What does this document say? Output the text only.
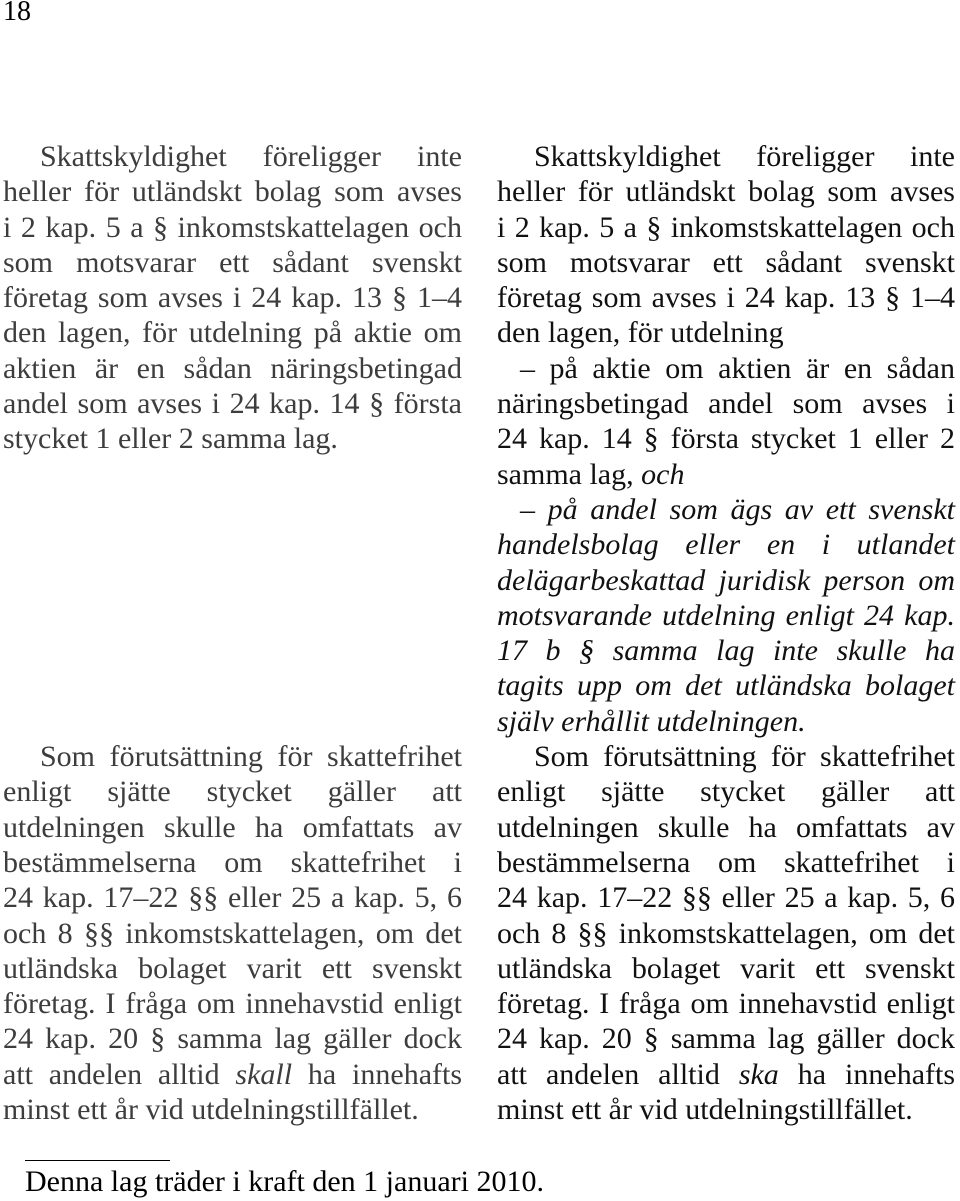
18
Skattskyldighet föreligger inte
heller för utländskt bolag som avses
i 2 kap. 5 a § inkomstskattelagen och
som motsvarar ett sådant svenskt
företag som avses i 24 kap. 13 § 1–4
den lagen, för utdelning på aktie om
aktien är en sådan näringsbetingad
andel som avses i 24 kap. 14 § första
stycket 1 eller 2 samma lag.
Som förutsättning för skattefrihet
enligt sjätte stycket gäller att
utdelningen skulle ha omfattats av
bestämmelserna om skattefrihet i
24 kap. 17–22 §§ eller 25 a kap. 5, 6
och 8 §§ inkomstskattelagen, om det
utländska bolaget varit ett svenskt
företag. I fråga om innehavstid enligt
24 kap. 20 § samma lag gäller dock
att andelen alltid skall ha innehafts
minst ett år vid utdelningstillfället.
Skattskyldighet föreligger inte
heller för utländskt bolag som avses
i 2 kap. 5 a § inkomstskattelagen och
som motsvarar ett sådant svenskt
företag som avses i 24 kap. 13 § 1–4
den lagen, för utdelning
– på aktie om aktien är en sådan
näringsbetingad andel som avses i
24 kap. 14 § första stycket 1 eller 2
samma lag, och
– på andel som ägs av ett svenskt
handelsbolag eller en i utlandet
delägarbeskattad juridisk person om
motsvarande utdelning enligt 24 kap.
17 b § samma lag inte skulle ha
tagits upp om det utländska bolaget
själv erhållit utdelningen.
Som förutsättning för skattefrihet
enligt sjätte stycket gäller att
utdelningen skulle ha omfattats av
bestämmelserna om skattefrihet i
24 kap. 17–22 §§ eller 25 a kap. 5, 6
och 8 §§ inkomstskattelagen, om det
utländska bolaget varit ett svenskt
företag. I fråga om innehavstid enligt
24 kap. 20 § samma lag gäller dock
att andelen alltid ska ha innehafts
minst ett år vid utdelningstillfället.
Denna lag träder i kraft den 1 januari 2010.
